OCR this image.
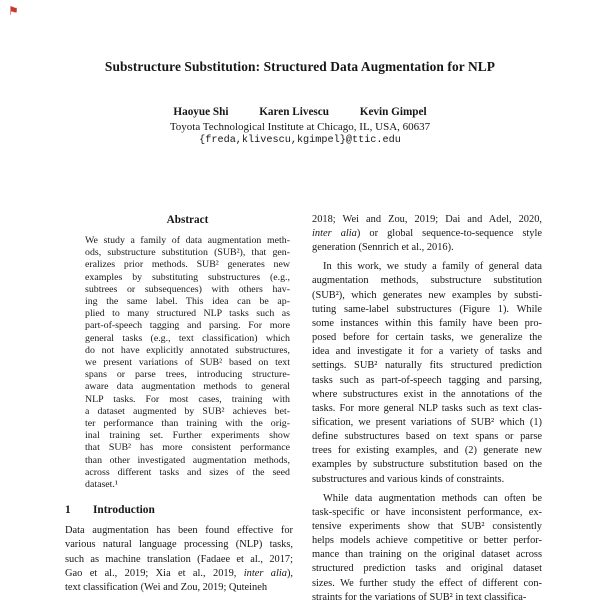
⚑
Substructure Substitution: Structured Data Augmentation for NLP
Haoyue Shi	Karen Livescu	Kevin Gimpel
Toyota Technological Institute at Chicago, IL, USA, 60637
{freda,klivescu,kgimpel}@ttic.edu
Abstract
We study a family of data augmentation meth-
ods, substructure substitution (SUB²), that gen-
eralizes prior methods. SUB² generates new
examples by substituting substructures (e.g.,
subtrees or subsequences) with others hav-
ing the same label. This idea can be ap-
plied to many structured NLP tasks such as
part-of-speech tagging and parsing. For more
general tasks (e.g., text classification) which
do not have explicitly annotated substructures,
we present variations of SUB² based on text
spans or parse trees, introducing structure-
aware data augmentation methods to general
NLP tasks. For most cases, training with
a dataset augmented by SUB² achieves bet-
ter performance than training with the orig-
inal training set. Further experiments show
that SUB² has more consistent performance
than other investigated augmentation methods,
across different tasks and sizes of the seed
dataset.¹
1 Introduction
Data augmentation has been found effective for
various natural language processing (NLP) tasks,
such as machine translation (Fadaee et al., 2017;
Gao et al., 2019; Xia et al., 2019, inter alia),
text classification (Wei and Zou, 2019; Quteineh
2018; Wei and Zou, 2019; Dai and Adel, 2020,
inter alia) or global sequence-to-sequence style
generation (Sennrich et al., 2016).
In this work, we study a family of general data
augmentation methods, substructure substitution
(SUB²), which generates new examples by substi-
tuting same-label substructures (Figure 1). While
some instances within this family have been pro-
posed before for certain tasks, we generalize the
idea and investigate it for a variety of tasks and
settings. SUB² naturally fits structured prediction
tasks such as part-of-speech tagging and parsing,
where substructures exist in the annotations of the
tasks. For more general NLP tasks such as text clas-
sification, we present variations of SUB² which (1)
define substructures based on text spans or parse
trees for existing examples, and (2) generate new
examples by substructure substitution based on the
substructures and various kinds of constraints.
While data augmentation methods can often be
task-specific or have inconsistent performance, ex-
tensive experiments show that SUB² consistently
helps models achieve competitive or better perfor-
mance than training on the original dataset across
structured prediction tasks and original dataset
sizes. We further study the effect of different con-
straints for the variations of SUB² in text classifica-
